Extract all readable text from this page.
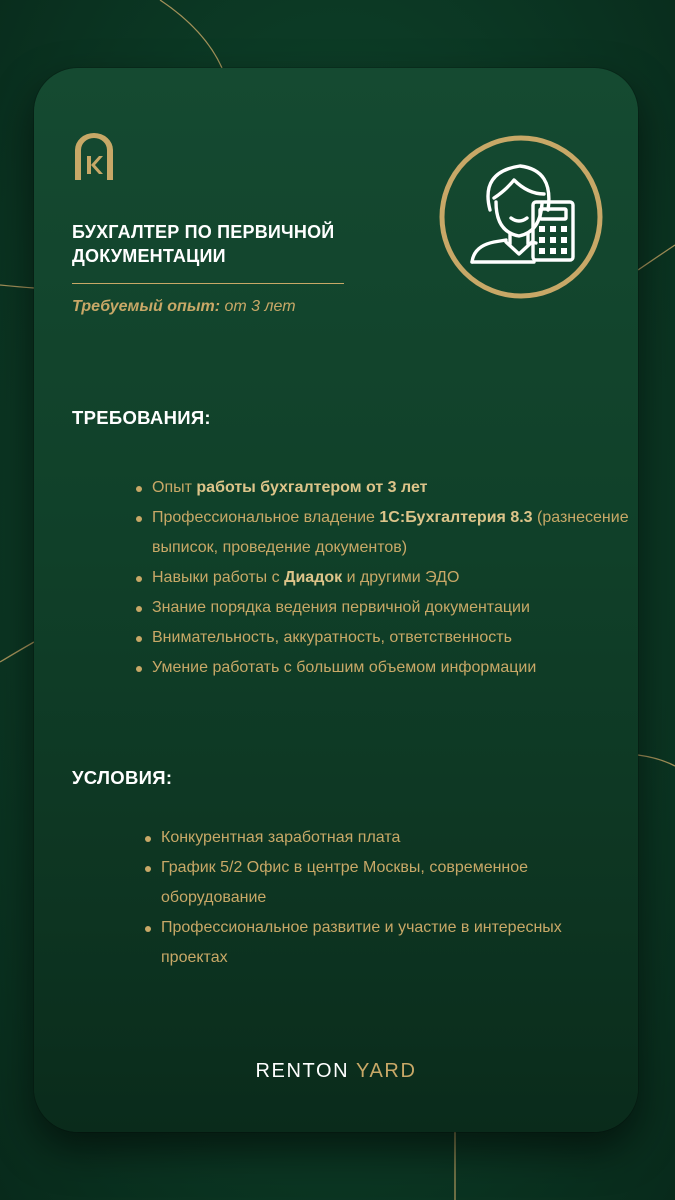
БУХГАЛТЕР ПО ПЕРВИЧНОЙ
ДОКУМЕНТАЦИИ
Требуемый опыт: от 3 лет
ТРЕБОВАНИЯ:
Опыт работы бухгалтером от 3 лет
Профессиональное владение 1С:Бухгалтерия 8.3 (разнесение выписок, проведение документов)
Навыки работы с Диадок и другими ЭДО
Знание порядка ведения первичной документации
Внимательность, аккуратность, ответственность
Умение работать с большим объемом информации
УСЛОВИЯ:
Конкурентная заработная плата
График 5/2 Офис в центре Москвы, современное оборудование
Профессиональное развитие и участие в интересных проектах
RENTON YARD
